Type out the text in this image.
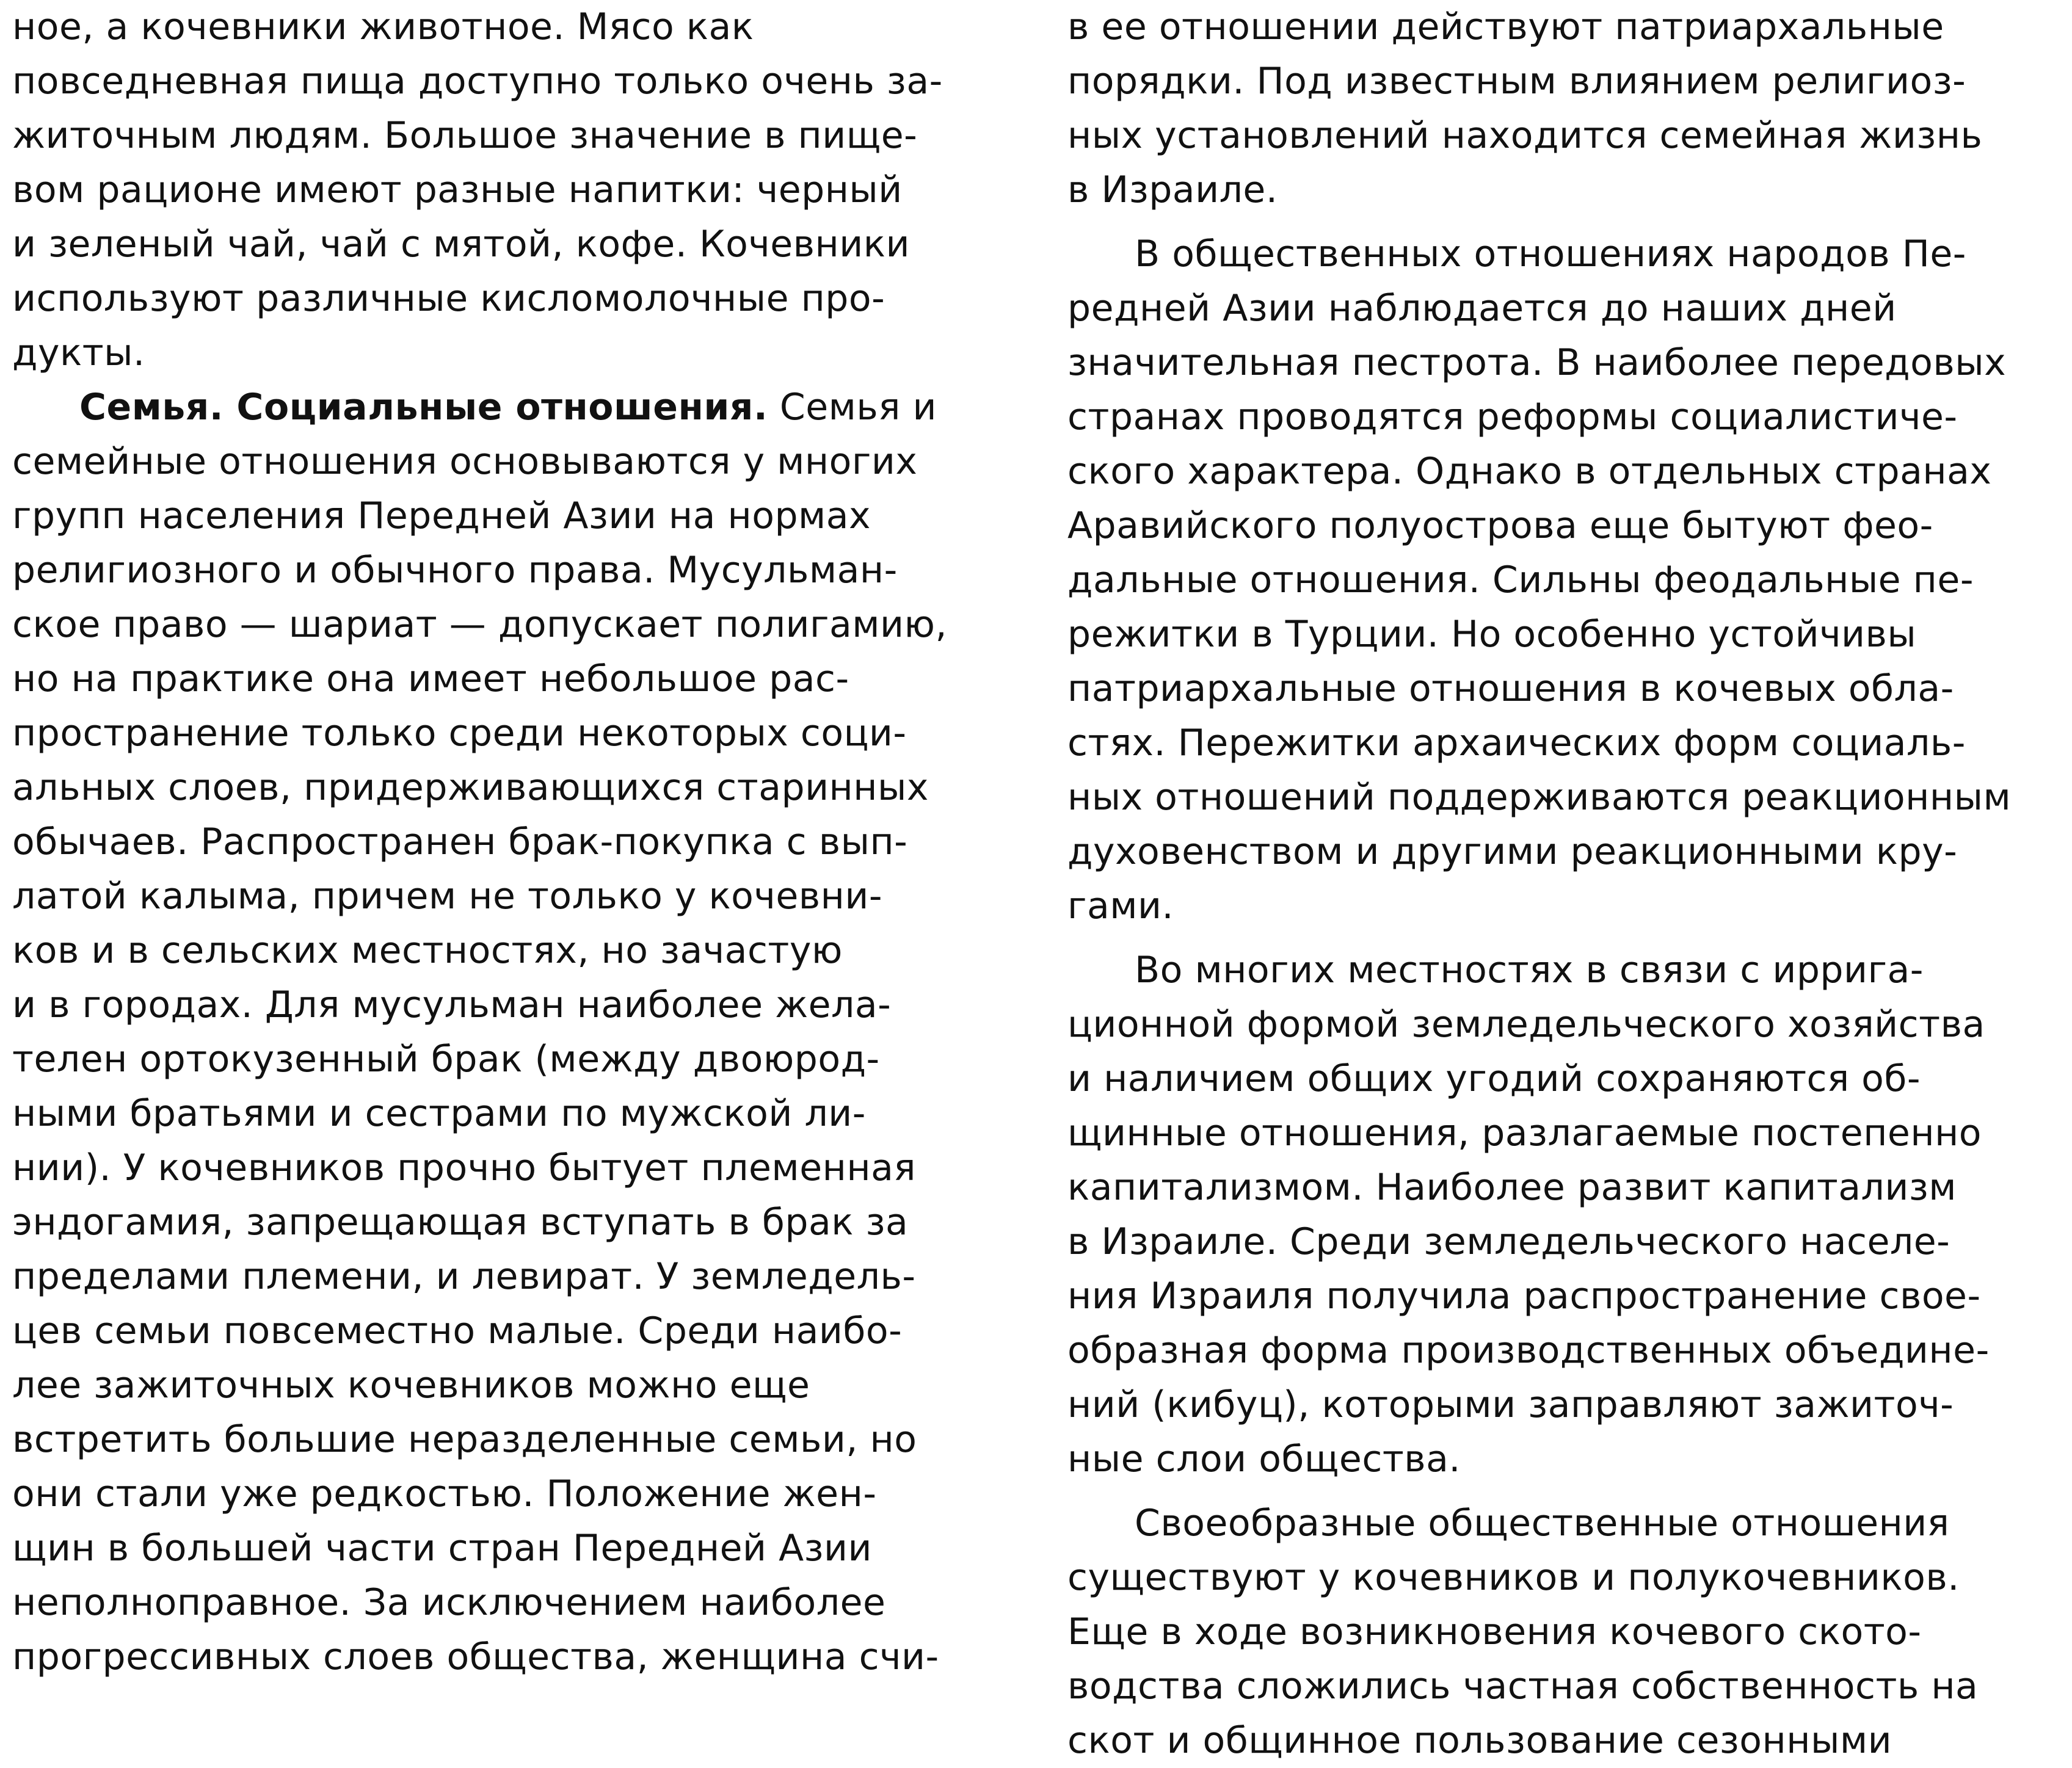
ное, а кочевники животное. Мясо как
повседневная пища доступно только очень за-
житочным людям. Большое значение в пище-
вом рационе имеют разные напитки: черный
и зеленый чай, чай с мятой, кофе. Кочевники
используют различные кисломолочные про-
дукты.
Семья. Социальные отношения. Семья и
семейные отношения основываются у многих
групп населения Передней Азии на нормах
религиозного и обычного права. Мусульман-
ское право — шариат — допускает полигамию,
но на практике она имеет небольшое рас-
пространение только среди некоторых соци-
альных слоев, придерживающихся старинных
обычаев. Распространен брак-покупка с вып-
латой калыма, причем не только у кочевни-
ков и в сельских местностях, но зачастую
и в городах. Для мусульман наиболее жела-
телен ортокузенный брак (между двоюрод-
ными братьями и сестрами по мужской ли-
нии). У кочевников прочно бытует племенная
эндогамия, запрещающая вступать в брак за
пределами племени, и левират. У земледель-
цев семьи повсеместно малые. Среди наибо-
лее зажиточных кочевников можно еще
встретить большие неразделенные семьи, но
они стали уже редкостью. Положение жен-
щин в большей части стран Передней Азии
неполноправное. За исключением наиболее
прогрессивных слоев общества, женщина счи-
в ее отношении действуют патриархальные
порядки. Под известным влиянием религиоз-
ных установлений находится семейная жизнь
в Израиле.
В общественных отношениях народов Пе-
редней Азии наблюдается до наших дней
значительная пестрота. В наиболее передовых
странах проводятся реформы социалистиче-
ского характера. Однако в отдельных странах
Аравийского полуострова еще бытуют фео-
дальные отношения. Сильны феодальные пе-
режитки в Турции. Но особенно устойчивы
патриархальные отношения в кочевых обла-
стях. Пережитки архаических форм социаль-
ных отношений поддерживаются реакционным
духовенством и другими реакционными кру-
гами.
Во многих местностях в связи с ирригa-
ционной формой земледельческого хозяйства
и наличием общих угодий сохраняются об-
щинные отношения, разлагаемые постепенно
капитализмом. Наиболее развит капитализм
в Израиле. Среди земледельческого населе-
ния Израиля получила распространение свое-
образная форма производственных объедине-
ний (кибуц), которыми заправляют зажиточ-
ные слои общества.
Своеобразные общественные отношения
существуют у кочевников и полукочевников.
Еще в ходе возникновения кочевого ското-
водства сложились частная собственность на
скот и общинное пользование сезонными
